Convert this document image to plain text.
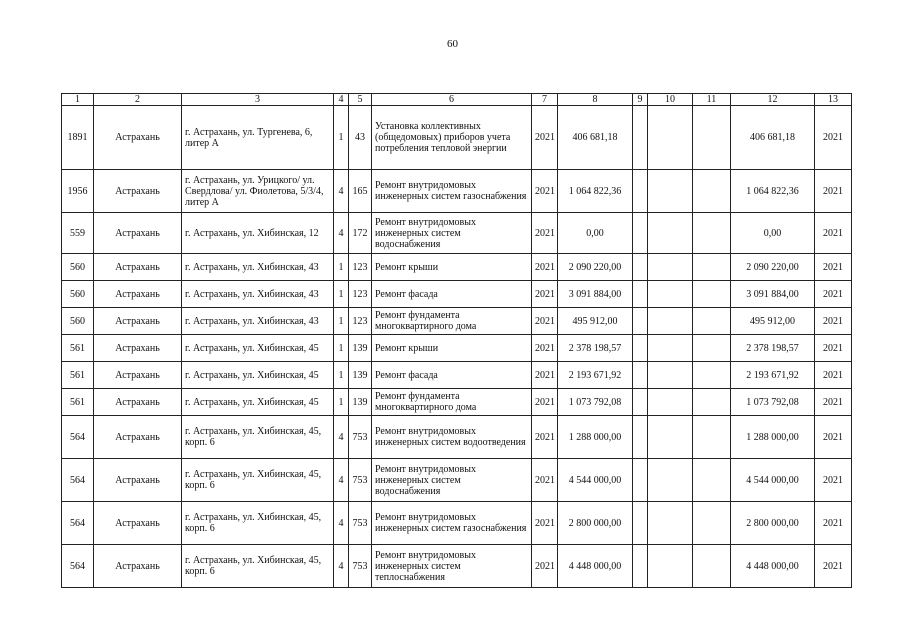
60
1	2	3	4	5	6	7	8	9	10	11	12	13
1891	Астрахань	г. Астрахань, ул. Тургенева, 6, литер А	1	43	Установка коллективных (общедомовых) приборов учета потребления тепловой энергии	2021	406 681,18				406 681,18	2021
1956	Астрахань	г. Астрахань, ул. Урицкого/ ул. Свердлова/ ул. Фиолетова, 5/3/4, литер А	4	165	Ремонт внутридомовых инженерных систем газоснабжения	2021	1 064 822,36				1 064 822,36	2021
559	Астрахань	г. Астрахань, ул. Хибинская, 12	4	172	Ремонт внутридомовых инженерных систем водоснабжения	2021	0,00				0,00	2021
560	Астрахань	г. Астрахань, ул. Хибинская, 43	1	123	Ремонт крыши	2021	2 090 220,00				2 090 220,00	2021
560	Астрахань	г. Астрахань, ул. Хибинская, 43	1	123	Ремонт фасада	2021	3 091 884,00				3 091 884,00	2021
560	Астрахань	г. Астрахань, ул. Хибинская, 43	1	123	Ремонт фундамента многоквартирного дома	2021	495 912,00				495 912,00	2021
561	Астрахань	г. Астрахань, ул. Хибинская, 45	1	139	Ремонт крыши	2021	2 378 198,57				2 378 198,57	2021
561	Астрахань	г. Астрахань, ул. Хибинская, 45	1	139	Ремонт фасада	2021	2 193 671,92				2 193 671,92	2021
561	Астрахань	г. Астрахань, ул. Хибинская, 45	1	139	Ремонт фундамента многоквартирного дома	2021	1 073 792,08				1 073 792,08	2021
564	Астрахань	г. Астрахань, ул. Хибинская, 45, корп. 6	4	753	Ремонт внутридомовых инженерных систем водоотведения	2021	1 288 000,00				1 288 000,00	2021
564	Астрахань	г. Астрахань, ул. Хибинская, 45, корп. 6	4	753	Ремонт внутридомовых инженерных систем водоснабжения	2021	4 544 000,00				4 544 000,00	2021
564	Астрахань	г. Астрахань, ул. Хибинская, 45, корп. 6	4	753	Ремонт внутридомовых инженерных систем газоснабжения	2021	2 800 000,00				2 800 000,00	2021
564	Астрахань	г. Астрахань, ул. Хибинская, 45, корп. 6	4	753	Ремонт внутридомовых инженерных систем теплоснабжения	2021	4 448 000,00				4 448 000,00	2021
